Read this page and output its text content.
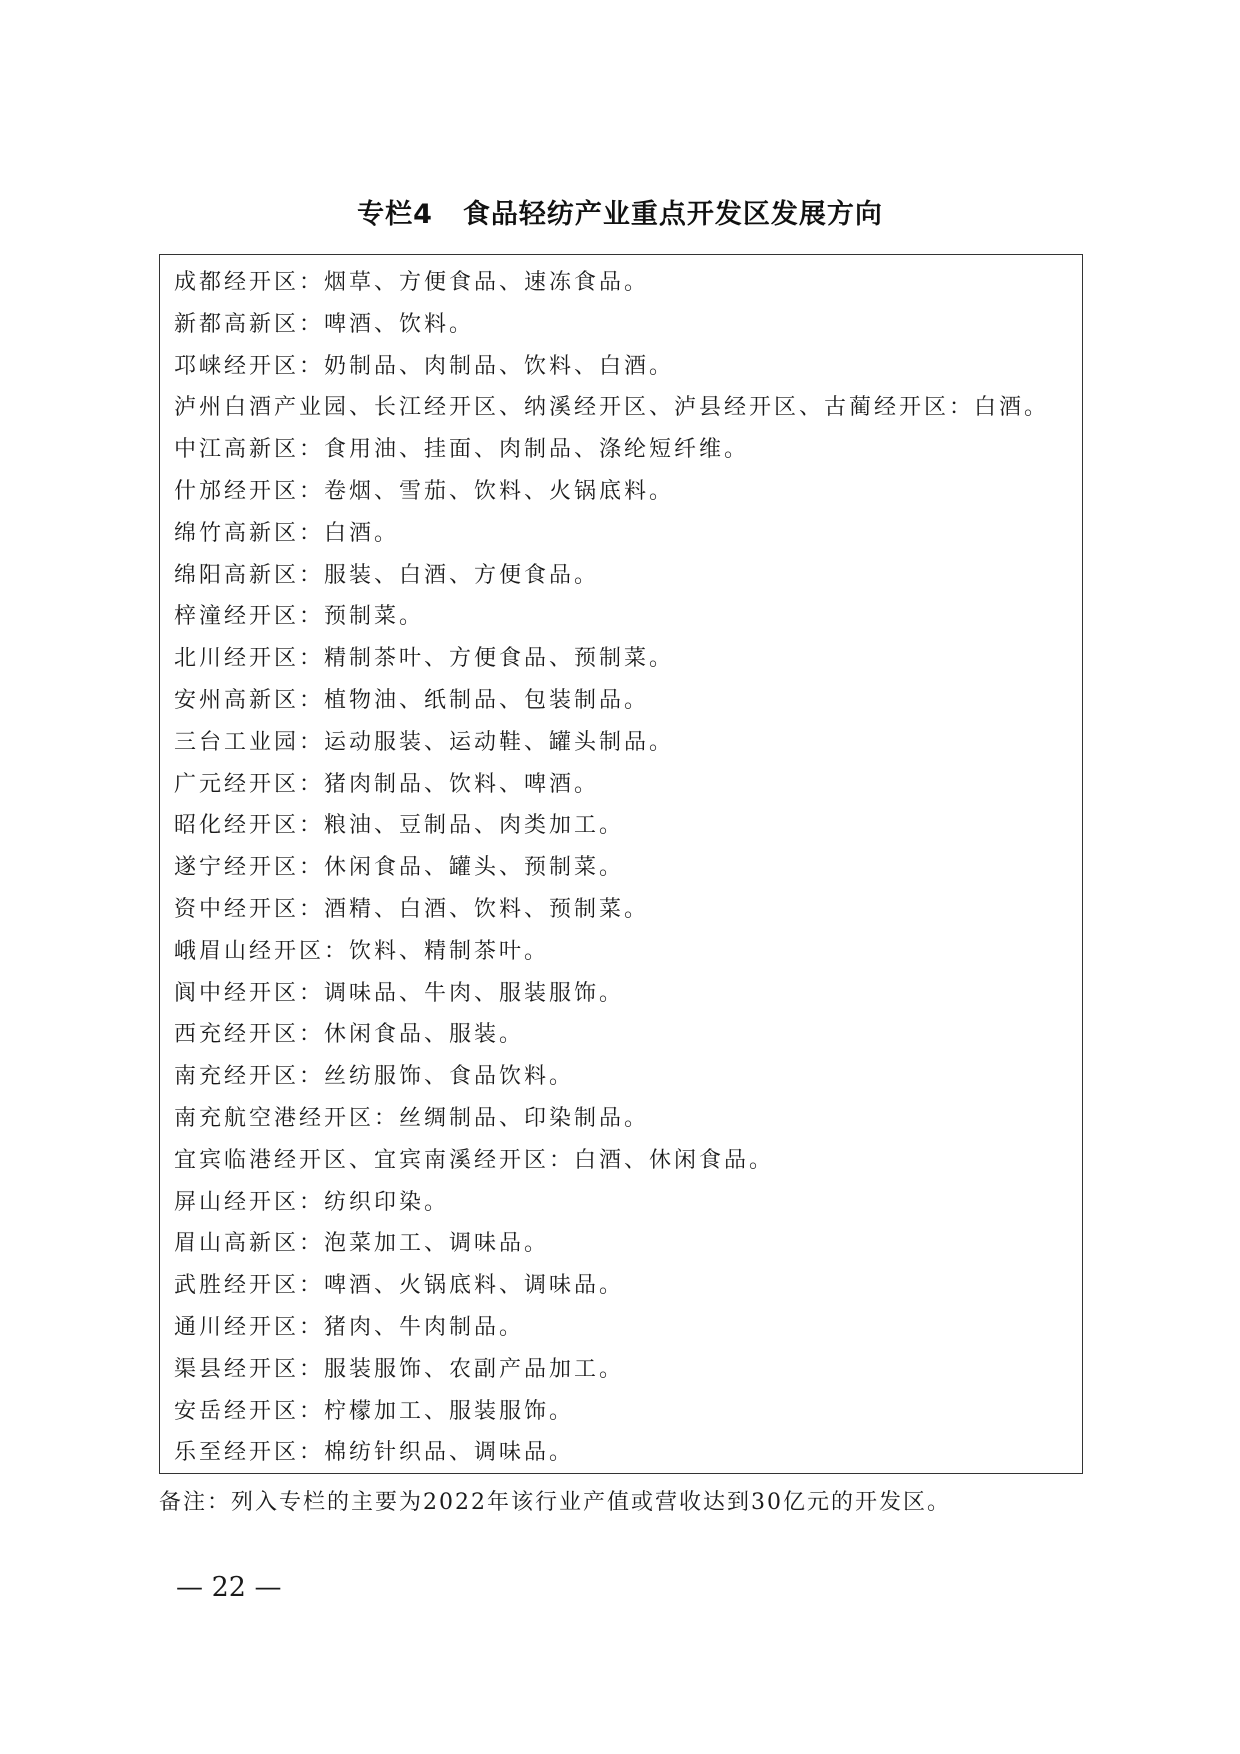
专栏4 食品轻纺产业重点开发区发展方向
成都经开区：烟草、方便食品、速冻食品。
新都高新区：啤酒、饮料。
邛崃经开区：奶制品、肉制品、饮料、白酒。
泸州白酒产业园、长江经开区、纳溪经开区、泸县经开区、古蔺经开区：白酒。
中江高新区：食用油、挂面、肉制品、涤纶短纤维。
什邡经开区：卷烟、雪茄、饮料、火锅底料。
绵竹高新区：白酒。
绵阳高新区：服装、白酒、方便食品。
梓潼经开区：预制菜。
北川经开区：精制茶叶、方便食品、预制菜。
安州高新区：植物油、纸制品、包装制品。
三台工业园：运动服装、运动鞋、罐头制品。
广元经开区：猪肉制品、饮料、啤酒。
昭化经开区：粮油、豆制品、肉类加工。
遂宁经开区：休闲食品、罐头、预制菜。
资中经开区：酒精、白酒、饮料、预制菜。
峨眉山经开区：饮料、精制茶叶。
阆中经开区：调味品、牛肉、服装服饰。
西充经开区：休闲食品、服装。
南充经开区：丝纺服饰、食品饮料。
南充航空港经开区：丝绸制品、印染制品。
宜宾临港经开区、宜宾南溪经开区：白酒、休闲食品。
屏山经开区：纺织印染。
眉山高新区：泡菜加工、调味品。
武胜经开区：啤酒、火锅底料、调味品。
通川经开区：猪肉、牛肉制品。
渠县经开区：服装服饰、农副产品加工。
安岳经开区：柠檬加工、服装服饰。
乐至经开区：棉纺针织品、调味品。
备注：列入专栏的主要为2022年该行业产值或营收达到30亿元的开发区。
— 22 —
